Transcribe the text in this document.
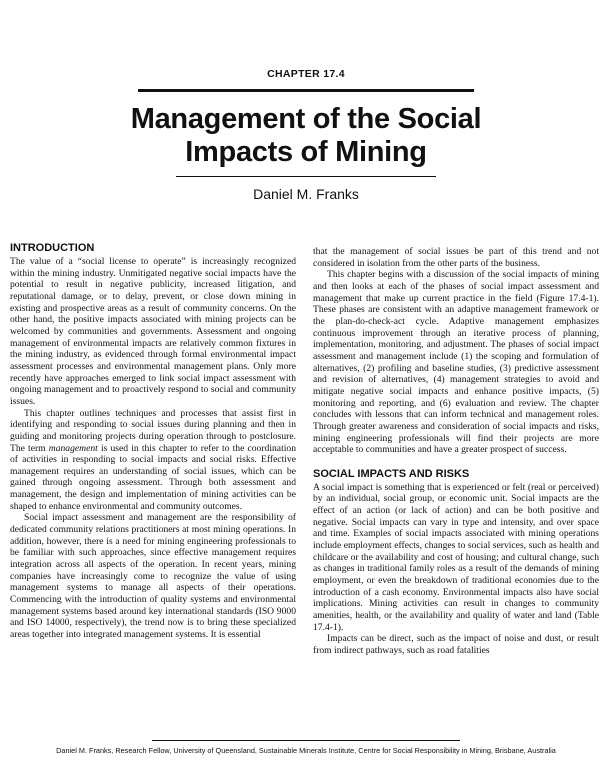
CHAPTER 17.4
Management of the Social
Impacts of Mining
Daniel M. Franks
INTRODUCTION

The value of a “social license to operate” is increasingly recognized within the mining industry. Unmitigated negative social impacts have the potential to result in negative publicity, increased litigation, and reputational damage, or to delay, prevent, or close down mining in existing and prospective areas as a result of community concerns. On the other hand, the positive impacts associated with mining projects can be welcomed by communities and governments. Assessment and ongoing management of environmental impacts are relatively common fixtures in the mining industry, as evidenced through formal environmental impact assessment processes and environmental management plans. Only more recently have approaches emerged to link social impact assessment with ongoing management and to proactively respond to social and community issues.

This chapter outlines techniques and processes that assist first in identifying and responding to social issues during planning and then in guiding and monitoring projects during operation through to postclosure. The term management is used in this chapter to refer to the coordination of activities in responding to social impacts and social risks. Effective management requires an understanding of social issues, which can be gained through ongoing assessment. Through both assessment and management, the design and implementation of mining activities can be shaped to enhance environmental and community outcomes.

Social impact assessment and management are the responsibility of dedicated community relations practitioners at most mining operations. In addition, however, there is a need for mining engineering professionals to be familiar with such approaches, since effective management requires integration across all aspects of the operation. In recent years, mining companies have increasingly come to recognize the value of using management systems to manage all aspects of their operations. Commencing with the introduction of quality systems and environmental management systems based around key international standards (ISO 9000 and ISO 14000, respectively), the trend now is to bring these specialized areas together into integrated management systems. It is essential

that the management of social issues be part of this trend and not considered in isolation from the other parts of the business.

This chapter begins with a discussion of the social impacts of mining and then looks at each of the phases of social impact assessment and management that make up current practice in the field (Figure 17.4-1). These phases are consistent with an adaptive management framework or the plan-do-check-act cycle. Adaptive management emphasizes continuous improvement through an iterative process of planning, implementation, monitoring, and adjustment. The phases of social impact assessment and management include (1) the scoping and formulation of alternatives, (2) profiling and baseline studies, (3) predictive assessment and revision of alternatives, (4) management strategies to avoid and mitigate negative social impacts and enhance positive impacts, (5) monitoring and reporting, and (6) evaluation and review. The chapter concludes with lessons that can inform technical and management roles. Through greater awareness and consideration of social impacts and risks, mining engineering professionals will find their projects are more acceptable to communities and have a greater prospect of success.

SOCIAL IMPACTS AND RISKS

A social impact is something that is experienced or felt (real or perceived) by an individual, social group, or economic unit. Social impacts are the effect of an action (or lack of action) and can be both positive and negative. Social impacts can vary in type and intensity, and over space and time. Examples of social impacts associated with mining operations include employment effects, changes to social services, such as health and childcare or the availability and cost of housing; and cultural change, such as changes in traditional family roles as a result of the demands of mining employment, or even the breakdown of traditional economies due to the introduction of a cash economy. Environmental impacts also have social implications. Mining activities can result in changes to community amenities, health, or the availability and quality of water and land (Table 17.4-1).

Impacts can be direct, such as the impact of noise and dust, or result from indirect pathways, such as road fatalities

Daniel M. Franks, Research Fellow, University of Queensland, Sustainable Minerals Institute, Centre for Social Responsibility in Mining, Brisbane, Australia
